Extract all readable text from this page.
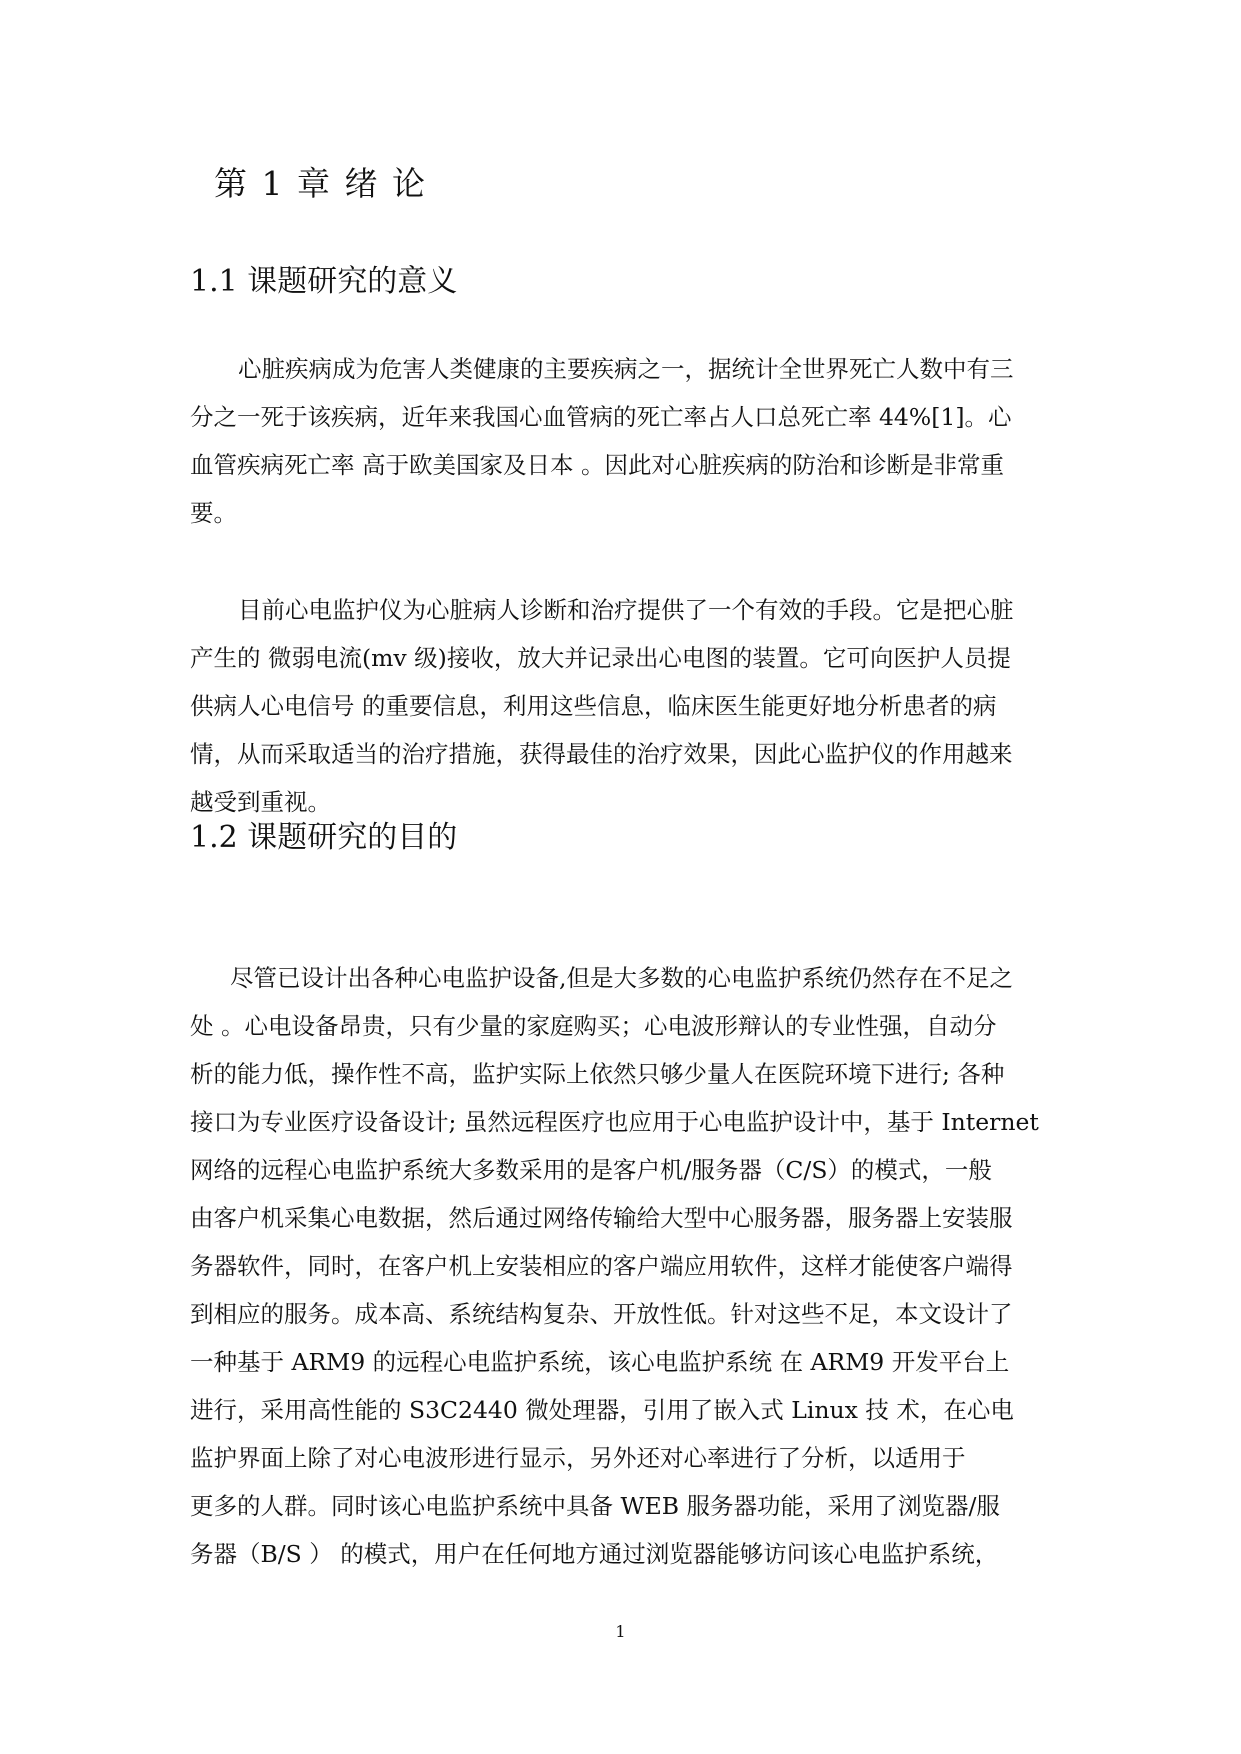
第 1 章 绪 论
1.1 课题研究的意义
心脏疾病成为危害人类健康的主要疾病之一，据统计全世界死亡人数中有三
分之一死于该疾病，近年来我国心血管病的死亡率占人口总死亡率 44%[1]。心
血管疾病死亡率 高于欧美国家及日本 。因此对心脏疾病的防治和诊断是非常重
要。
目前心电监护仪为心脏病人诊断和治疗提供了一个有效的手段。它是把心脏
产生的 微弱电流(mv 级)接收，放大并记录出心电图的装置。它可向医护人员提
供病人心电信号 的重要信息，利用这些信息，临床医生能更好地分析患者的病
情，从而采取适当的治疗措施，获得最佳的治疗效果，因此心监护仪的作用越来
越受到重视。
1.2 课题研究的目的
尽管已设计出各种心电监护设备,但是大多数的心电监护系统仍然存在不足之
处 。心电设备昂贵，只有少量的家庭购买；心电波形辩认的专业性强，自动分
析的能力低，操作性不高，监护实际上依然只够少量人在医院环境下进行; 各种
接口为专业医疗设备设计; 虽然远程医疗也应用于心电监护设计中，基于 Internet
网络的远程心电监护系统大多数采用的是客户机/服务器（C/S）的模式，一般
由客户机采集心电数据，然后通过网络传输给大型中心服务器，服务器上安装服
务器软件，同时，在客户机上安装相应的客户端应用软件，这样才能使客户端得
到相应的服务。成本高、系统结构复杂、开放性低。针对这些不足，本文设计了
一种基于 ARM9 的远程心电监护系统，该心电监护系统 在 ARM9 开发平台上
进行，采用高性能的 S3C2440 微处理器，引用了嵌入式 Linux 技 术，在心电
监护界面上除了对心电波形进行显示，另外还对心率进行了分析，以适用于
更多的人群。同时该心电监护系统中具备 WEB 服务器功能，采用了浏览器/服
务器（B/S ） 的模式，用户在任何地方通过浏览器能够访问该心电监护系统，
1
